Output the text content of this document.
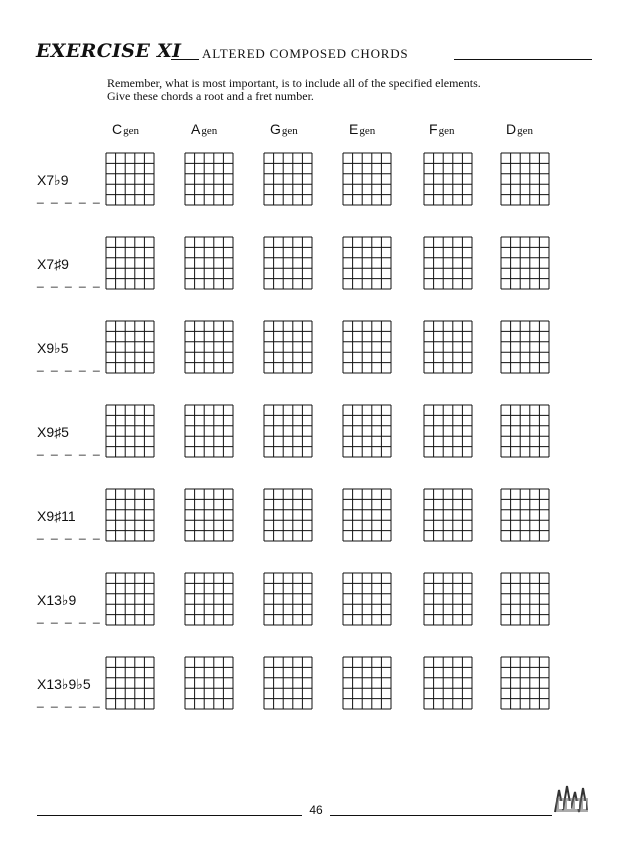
EXERCISE XI ALTERED COMPOSED CHORDS
Remember, what is most important, is to include all of the specified elements.
Give these chords a root and a fret number.
Cgen	Agen	Ggen	Egen	Fgen	Dgen
X7♭9
_ _ _ _ _
X7♯9
_ _ _ _ _
X9♭5
_ _ _ _ _
X9♯5
_ _ _ _ _
X9♯11
_ _ _ _ _
X13♭9
_ _ _ _ _
X13♭9♭5
_ _ _ _ _
46
